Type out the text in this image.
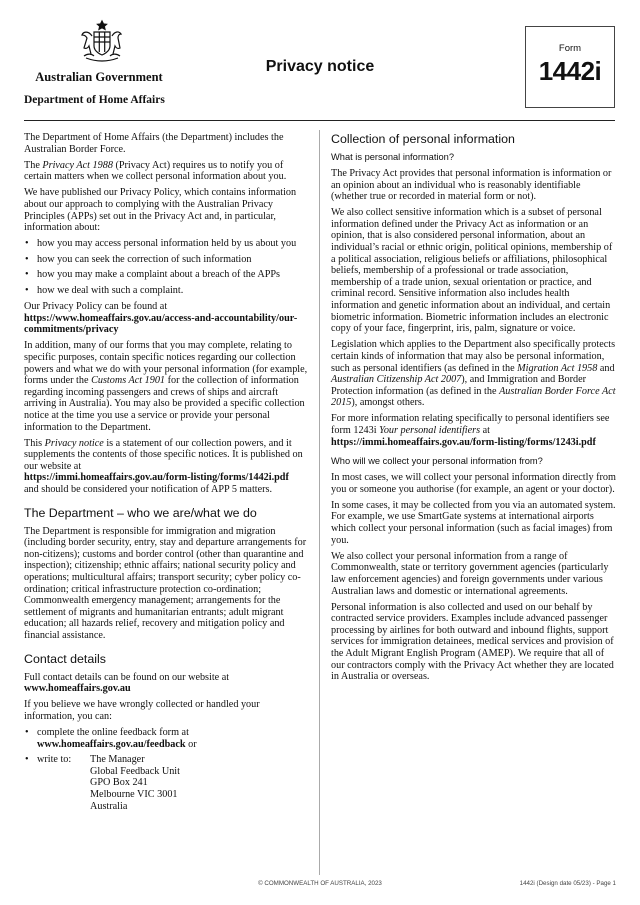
Australian Government
Department of Home Affairs
Privacy notice
Form
1442i

The Department of Home Affairs (the Department) includes the Australian Border Force.

The Privacy Act 1988 (Privacy Act) requires us to notify you of certain matters when we collect personal information about you.

We have published our Privacy Policy, which contains information about our approach to complying with the Australian Privacy Principles (APPs) set out in the Privacy Act and, in particular, information about:

• how you may access personal information held by us about you
• how you can seek the correction of such information
• how you may make a complaint about a breach of the APPs
• how we deal with such a complaint.

Our Privacy Policy can be found at
https://www.homeaffairs.gov.au/access-and-accountability/our-commitments/privacy

In addition, many of our forms that you may complete, relating to specific purposes, contain specific notices regarding our collection powers and what we do with your personal information (for example, forms under the Customs Act 1901 for the collection of information regarding incoming passengers and crews of ships and aircraft arriving in Australia). You may also be provided a specific collection notice at the time you use a service or provide your personal information to the Department.

This Privacy notice is a statement of our collection powers, and it supplements the contents of those specific notices. It is published on our website at
https://immi.homeaffairs.gov.au/form-listing/forms/1442i.pdf
and should be considered your notification of APP 5 matters.

The Department – who we are/what we do

The Department is responsible for immigration and migration (including border security, entry, stay and departure arrangements for non-citizens); customs and border control (other than quarantine and inspection); citizenship; ethnic affairs; national security policy and operations; multicultural affairs; transport security; cyber policy co-ordination; critical infrastructure protection co-ordination; Commonwealth emergency management; arrangements for the settlement of migrants and humanitarian entrants; adult migrant education; all hazards relief, recovery and mitigation policy and financial assistance.

Contact details

Full contact details can be found on our website at
www.homeaffairs.gov.au

If you believe we have wrongly collected or handled your information, you can:

• complete the online feedback form at
www.homeaffairs.gov.au/feedback or
• write to:	The Manager
Global Feedback Unit
GPO Box 241
Melbourne VIC 3001
Australia
Collection of personal information
What is personal information?

The Privacy Act provides that personal information is information or an opinion about an individual who is reasonably identifiable (whether true or recorded in material form or not).

We also collect sensitive information which is a subset of personal information defined under the Privacy Act as information or an opinion, that is also considered personal information, about an individual’s racial or ethnic origin, political opinions, membership of a political association, religious beliefs or affiliations, philosophical beliefs, membership of a professional or trade association, membership of a trade union, sexual orientation or practice, and criminal record. Sensitive information also includes health information and genetic information about an individual, and certain biometric information. Biometric information includes an electronic copy of your face, fingerprint, iris, palm, signature or voice.

Legislation which applies to the Department also specifically protects certain kinds of information that may also be personal information, such as personal identifiers (as defined in the Migration Act 1958 and Australian Citizenship Act 2007), and Immigration and Border Protection information (as defined in the Australian Border Force Act 2015), amongst others.

For more information relating specifically to personal identifiers see form 1243i Your personal identifiers at
https://immi.homeaffairs.gov.au/form-listing/forms/1243i.pdf

Who will we collect your personal information from?

In most cases, we will collect your personal information directly from you or someone you authorise (for example, an agent or your doctor).

In some cases, it may be collected from you via an automated system. For example, we use SmartGate systems at international airports which collect your personal information (such as facial images) from you.

We also collect your personal information from a range of Commonwealth, state or territory government agencies (particularly law enforcement agencies) and foreign governments under various Australian laws and domestic or international agreements.

Personal information is also collected and used on our behalf by contracted service providers. Examples include advanced passenger processing by airlines for both outward and inbound flights, support services for immigration detainees, medical services and provision of the Adult Migrant English Program (AMEP). We require that all of our contractors comply with the Privacy Act whether they are located in Australia or overseas.

© COMMONWEALTH OF AUSTRALIA, 2023	1442i (Design date 05/23) - Page 1
